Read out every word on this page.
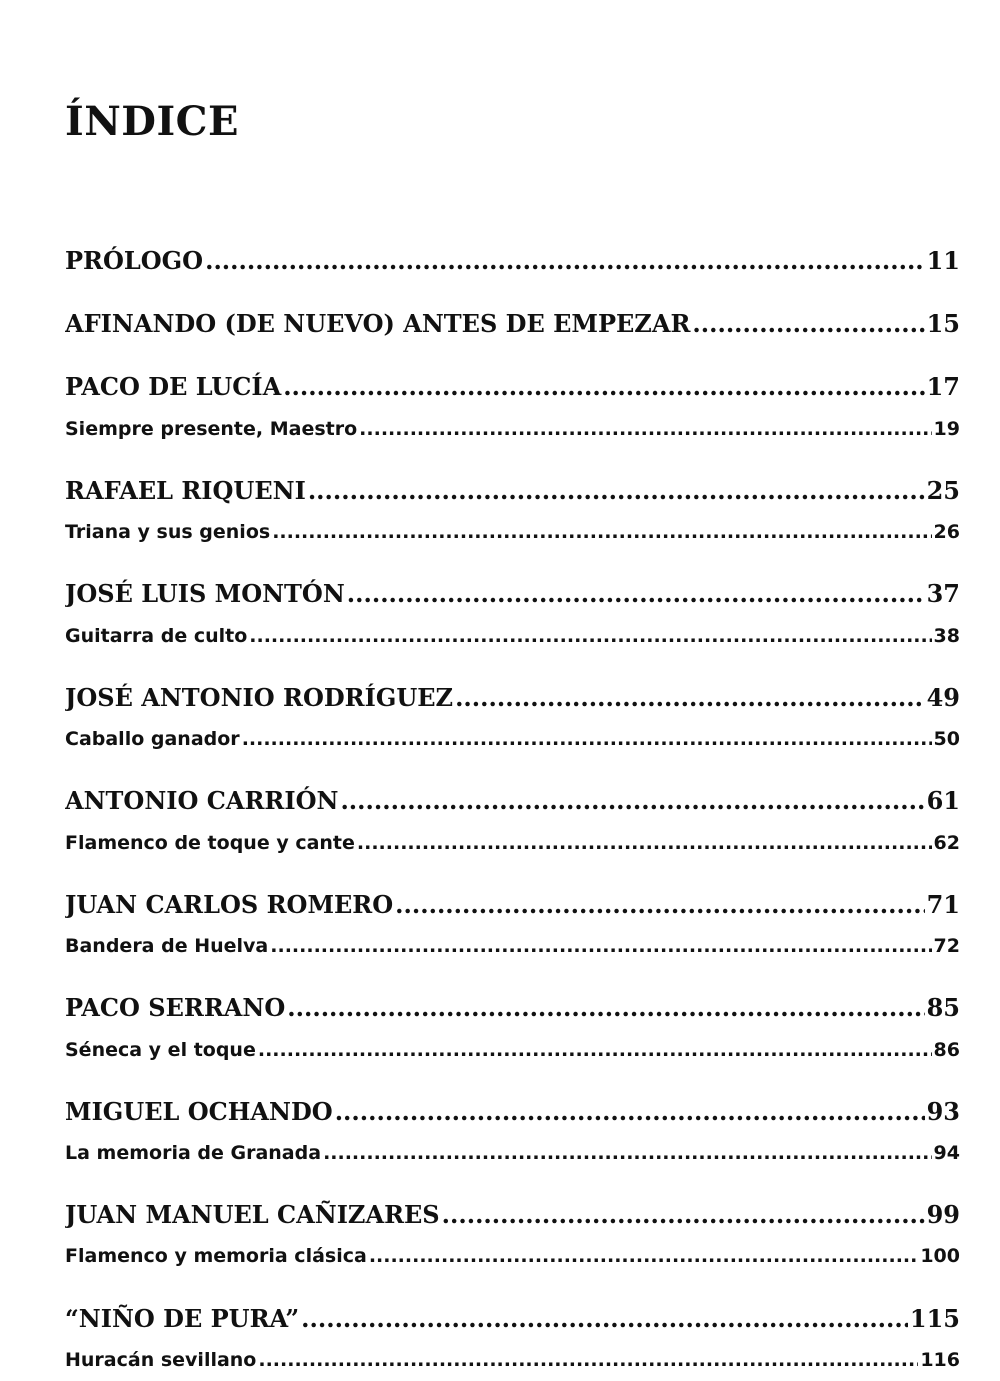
ÍNDICE
PRÓLOGO .....	11
AFINANDO (DE NUEVO) ANTES DE EMPEZAR .....	15
PACO DE LUCÍA .....	17
Siempre presente, Maestro .....	19
RAFAEL RIQUENI .....	25
Triana y sus genios .....	26
JOSÉ LUIS MONTÓN .....	37
Guitarra de culto .....	38
JOSÉ ANTONIO RODRÍGUEZ .....	49
Caballo ganador .....	50
ANTONIO CARRIÓN .....	61
Flamenco de toque y cante .....	62
JUAN CARLOS ROMERO .....	71
Bandera de Huelva .....	72
PACO SERRANO .....	85
Séneca y el toque .....	86
MIGUEL OCHANDO .....	93
La memoria de Granada .....	94
JUAN MANUEL CAÑIZARES .....	99
Flamenco y memoria clásica .....	100
“NIÑO DE PURA” .....	115
Huracán sevillano .....	116
